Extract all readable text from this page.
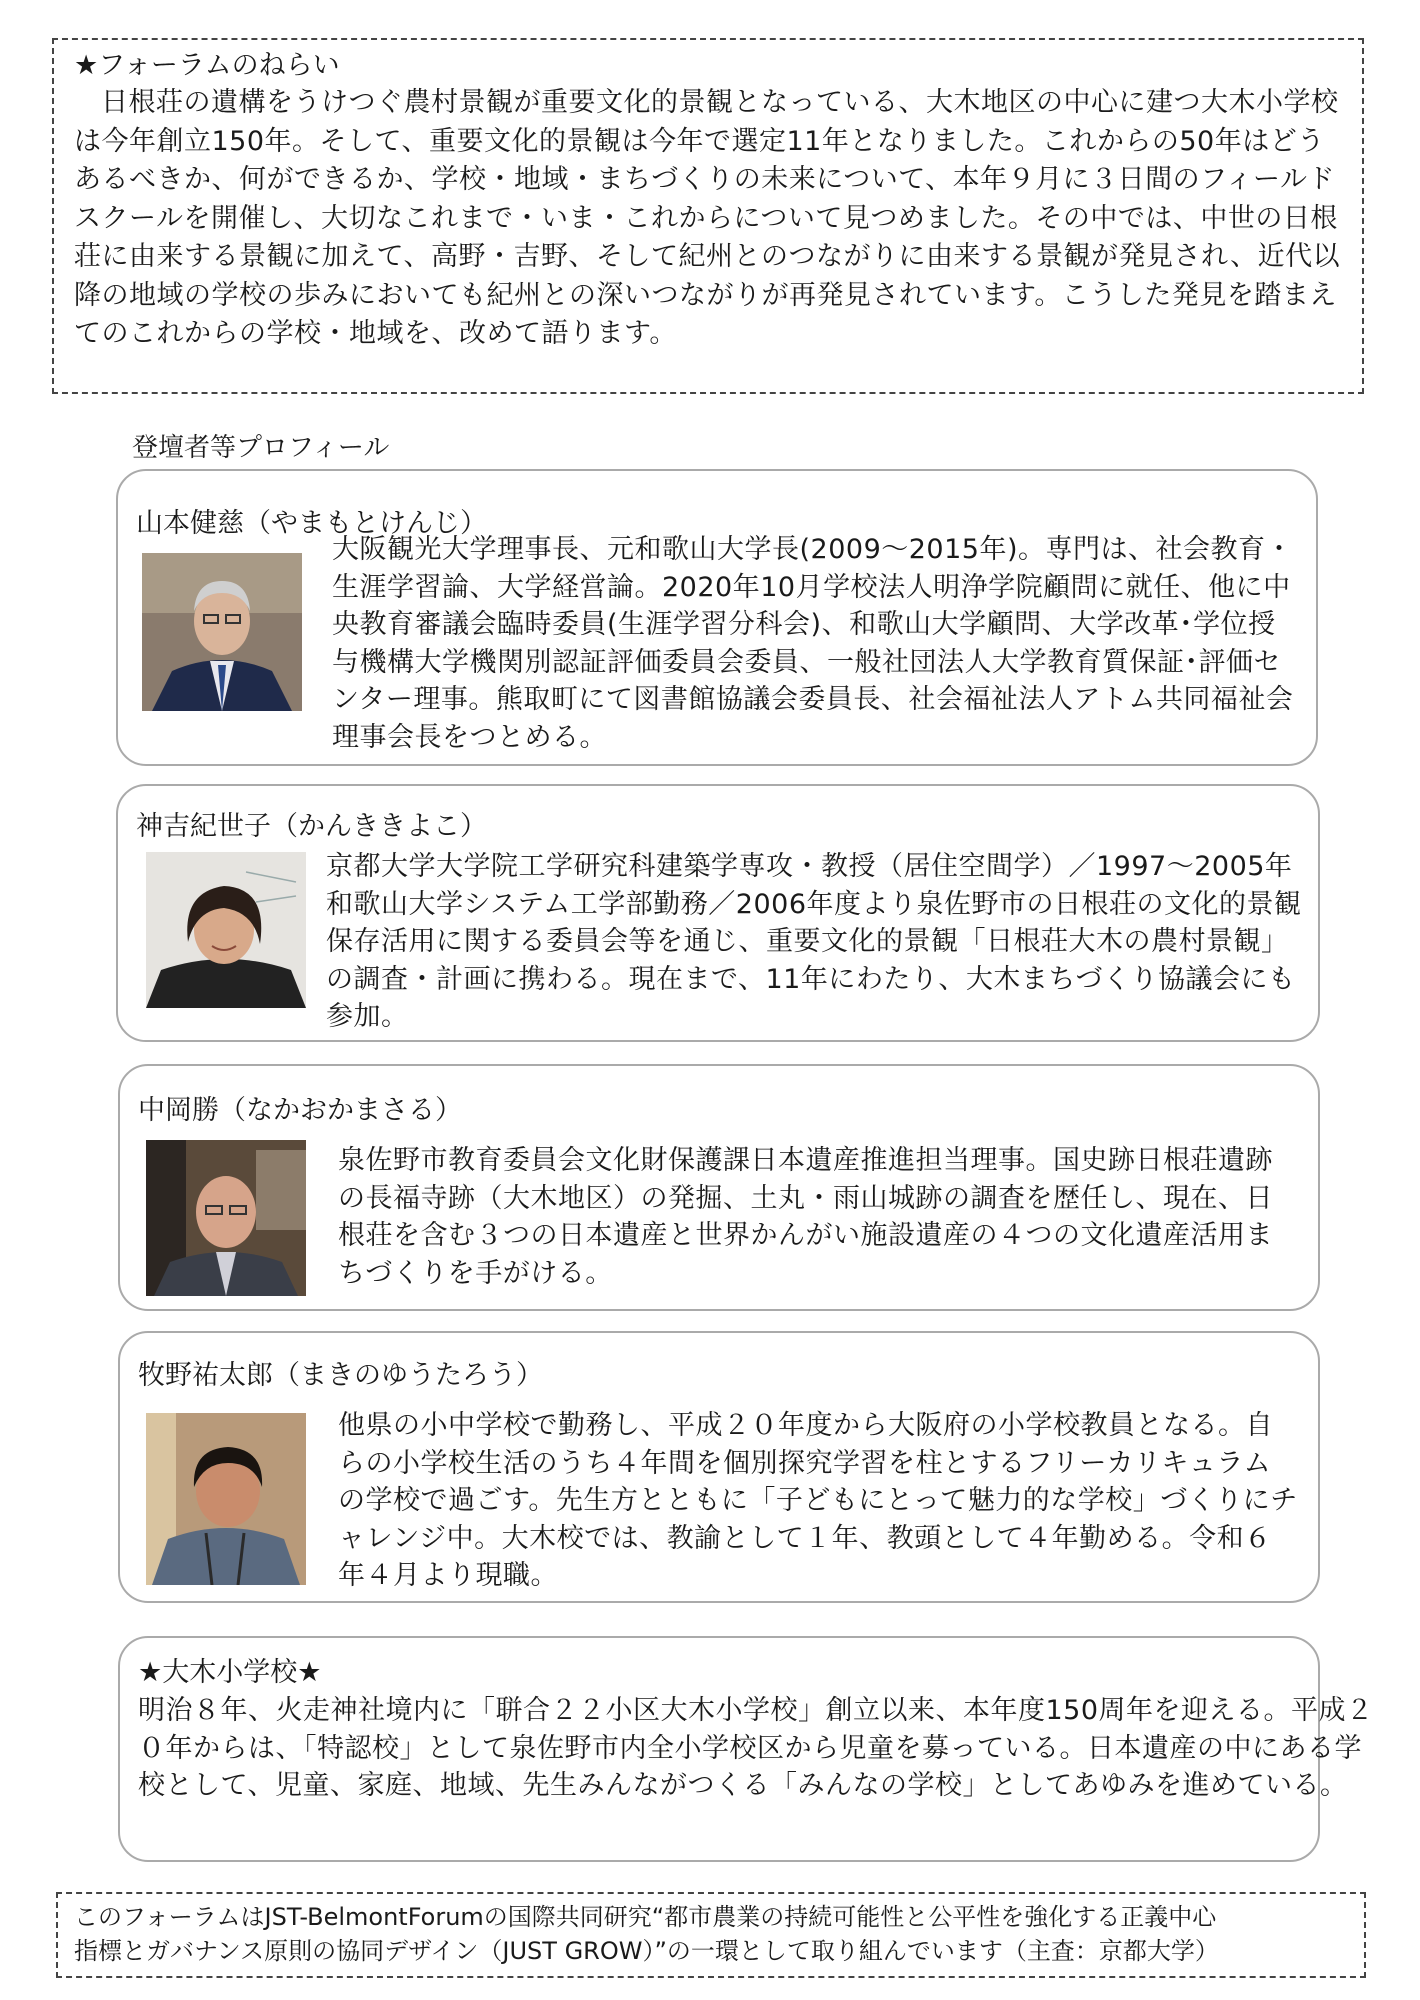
★フォーラムのねらい
日根荘の遺構をうけつぐ農村景観が重要文化的景観となっている、大木地区の中心に建つ大木小学校は今年創立150年。そして、重要文化的景観は今年で選定11年となりました。これからの50年はどうあるべきか、何ができるか、学校・地域・まちづくりの未来について、本年９月に３日間のフィールドスクールを開催し、大切なこれまで・いま・これからについて見つめました。その中では、中世の日根荘に由来する景観に加えて、高野・吉野、そして紀州とのつながりに由来する景観が発見され、近代以降の地域の学校の歩みにおいても紀州との深いつながりが再発見されています。こうした発見を踏まえてのこれからの学校・地域を、改めて語ります。
登壇者等プロフィール
山本健慈（やまもとけんじ）
大阪観光大学理事長、元和歌山大学長(2009～2015年)。専門は、社会教育・生涯学習論、大学経営論。2020年10月学校法人明浄学院顧問に就任、他に中央教育審議会臨時委員(生涯学習分科会)、和歌山大学顧問、大学改革･学位授与機構大学機関別認証評価委員会委員、一般社団法人大学教育質保証･評価センター理事。熊取町にて図書館協議会委員長、社会福祉法人アトム共同福祉会理事会長をつとめる。
神吉紀世子（かんききよこ）
京都大学大学院工学研究科建築学専攻・教授（居住空間学）／1997～2005年和歌山大学システム工学部勤務／2006年度より泉佐野市の日根荘の文化的景観保存活用に関する委員会等を通じ、重要文化的景観「日根荘大木の農村景観」の調査・計画に携わる。現在まで、11年にわたり、大木まちづくり協議会にも参加。
中岡勝（なかおかまさる）
泉佐野市教育委員会文化財保護課日本遺産推進担当理事。国史跡日根荘遺跡の長福寺跡（大木地区）の発掘、土丸・雨山城跡の調査を歴任し、現在、日根荘を含む３つの日本遺産と世界かんがい施設遺産の４つの文化遺産活用まちづくりを手がける。
牧野祐太郎（まきのゆうたろう）
他県の小中学校で勤務し、平成２０年度から大阪府の小学校教員となる。自らの小学校生活のうち４年間を個別探究学習を柱とするフリーカリキュラムの学校で過ごす。先生方とともに「子どもにとって魅力的な学校」づくりにチャレンジ中。大木校では、教諭として１年、教頭として４年勤める。令和６年４月より現職。
★大木小学校★
明治８年、火走神社境内に「聠合２２小区大木小学校」創立以来、本年度150周年を迎える。平成２０年からは、「特認校」として泉佐野市内全小学校区から児童を募っている。日本遺産の中にある学校として、児童、家庭、地域、先生みんながつくる「みんなの学校」としてあゆみを進めている。
このフォーラムはJST-BelmontForumの国際共同研究“都市農業の持続可能性と公平性を強化する正義中心
指標とガバナンス原則の協同デザイン（JUST GROW）”の一環として取り組んでいます（主査：京都大学）
